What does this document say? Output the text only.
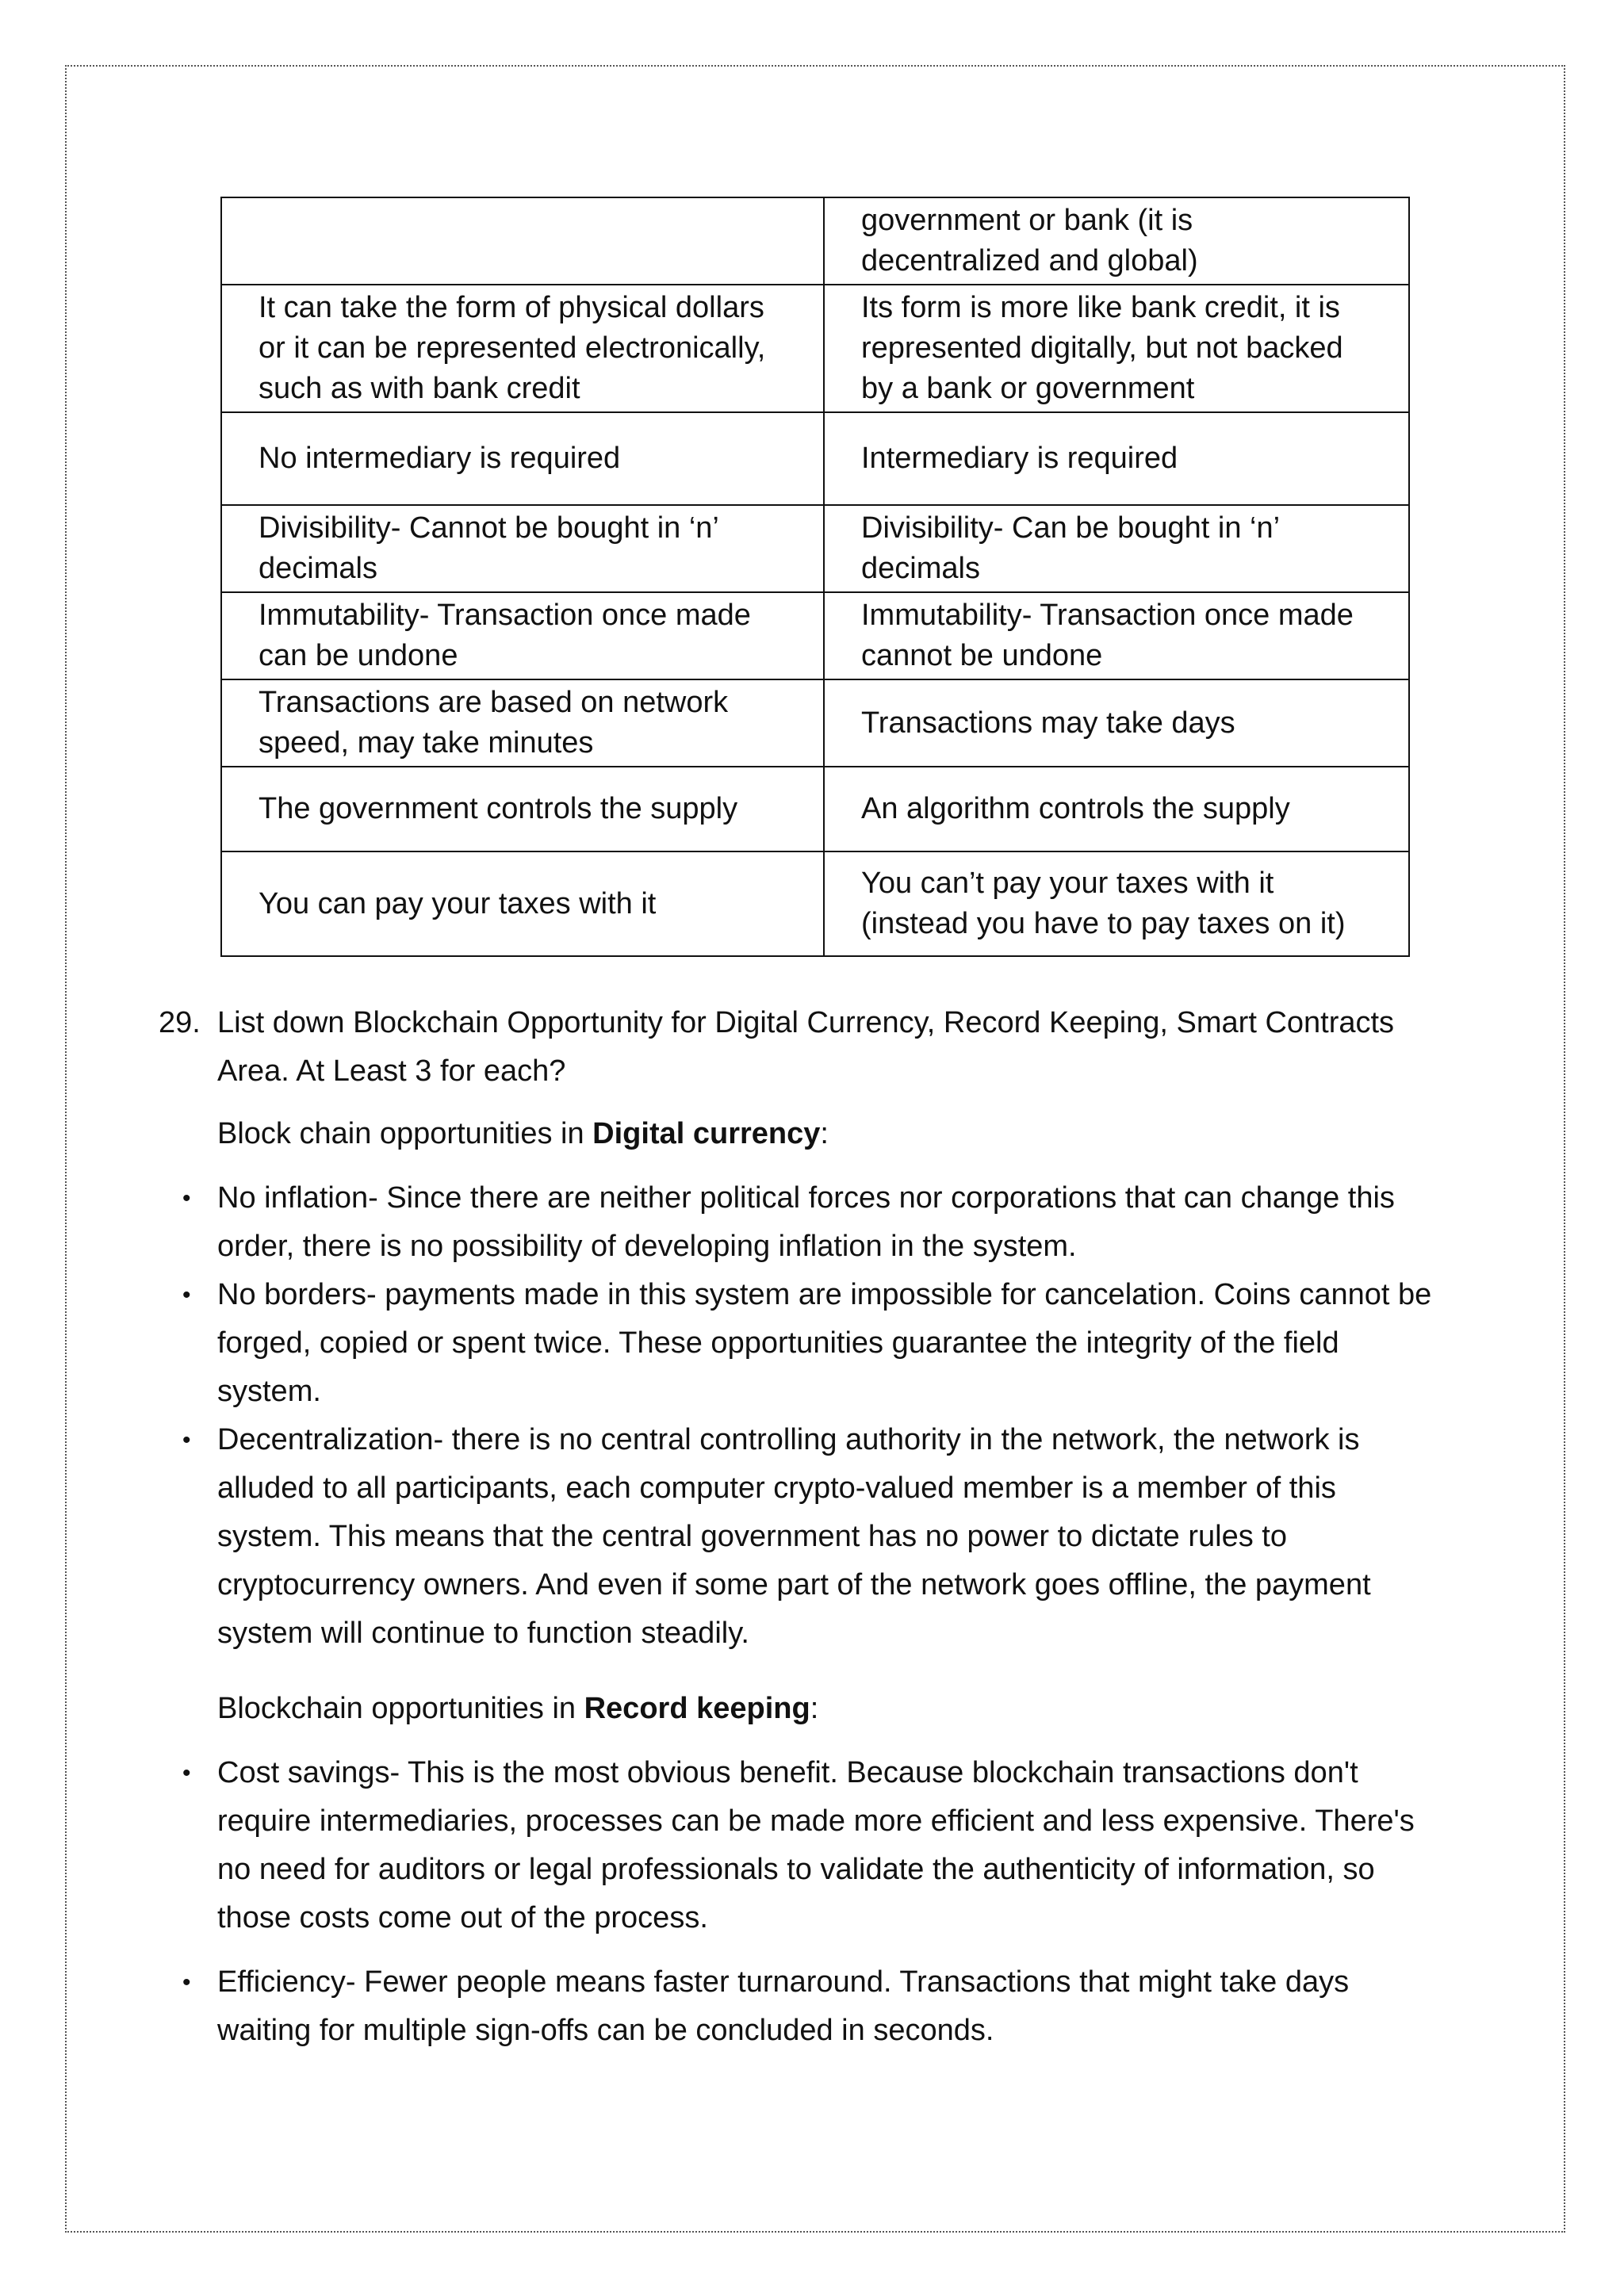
	government or bank (it is decentralized and global)
It can take the form of physical dollars or it can be represented electronically, such as with bank credit	Its form is more like bank credit, it is represented digitally, but not backed by a bank or government
No intermediary is required	Intermediary is required
Divisibility- Cannot be bought in ‘n’ decimals	Divisibility- Can be bought in ‘n’ decimals
Immutability- Transaction once made can be undone	Immutability- Transaction once made cannot be undone
Transactions are based on network speed, may take minutes	Transactions may take days
The government controls the supply	An algorithm controls the supply
You can pay your taxes with it	You can’t pay your taxes with it (instead you have to pay taxes on it)

29. List down Blockchain Opportunity for Digital Currency, Record Keeping, Smart Contracts Area. At Least 3 for each?

Block chain opportunities in Digital currency:

• No inflation- Since there are neither political forces nor corporations that can change this order, there is no possibility of developing inflation in the system.
• No borders- payments made in this system are impossible for cancelation. Coins cannot be forged, copied or spent twice. These opportunities guarantee the integrity of the field system.
• Decentralization- there is no central controlling authority in the network, the network is alluded to all participants, each computer crypto-valued member is a member of this system. This means that the central government has no power to dictate rules to cryptocurrency owners. And even if some part of the network goes offline, the payment system will continue to function steadily.

Blockchain opportunities in Record keeping:

• Cost savings- This is the most obvious benefit. Because blockchain transactions don't require intermediaries, processes can be made more efficient and less expensive. There's no need for auditors or legal professionals to validate the authenticity of information, so those costs come out of the process.
• Efficiency- Fewer people means faster turnaround. Transactions that might take days waiting for multiple sign-offs can be concluded in seconds.
